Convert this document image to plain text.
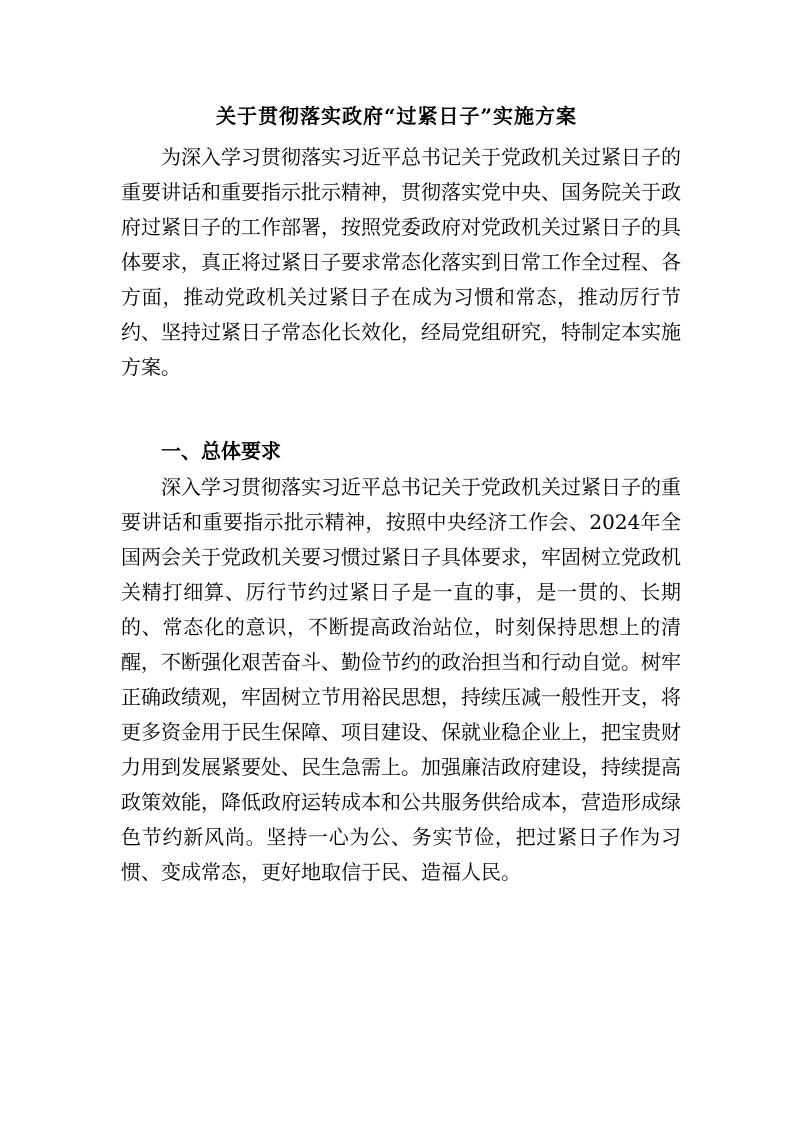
关于贯彻落实政府“过紧日子”实施方案

为深入学习贯彻落实习近平总书记关于党政机关过紧日子的重要讲话和重要指示批示精神，贯彻落实党中央、国务院关于政府过紧日子的工作部署，按照党委政府对党政机关过紧日子的具体要求，真正将过紧日子要求常态化落实到日常工作全过程、各方面，推动党政机关过紧日子在成为习惯和常态，推动厉行节约、坚持过紧日子常态化长效化，经局党组研究，特制定本实施方案。

一、总体要求

深入学习贯彻落实习近平总书记关于党政机关过紧日子的重要讲话和重要指示批示精神，按照中央经济工作会、2024年全国两会关于党政机关要习惯过紧日子具体要求，牢固树立党政机关精打细算、厉行节约过紧日子是一直的事，是一贯的、长期的、常态化的意识，不断提高政治站位，时刻保持思想上的清醒，不断强化艰苦奋斗、勤俭节约的政治担当和行动自觉。树牢正确政绩观，牢固树立节用裕民思想，持续压减一般性开支，将更多资金用于民生保障、项目建设、保就业稳企业上，把宝贵财力用到发展紧要处、民生急需上。加强廉洁政府建设，持续提高政策效能，降低政府运转成本和公共服务供给成本，营造形成绿色节约新风尚。坚持一心为公、务实节俭，把过紧日子作为习惯、变成常态，更好地取信于民、造福人民。
